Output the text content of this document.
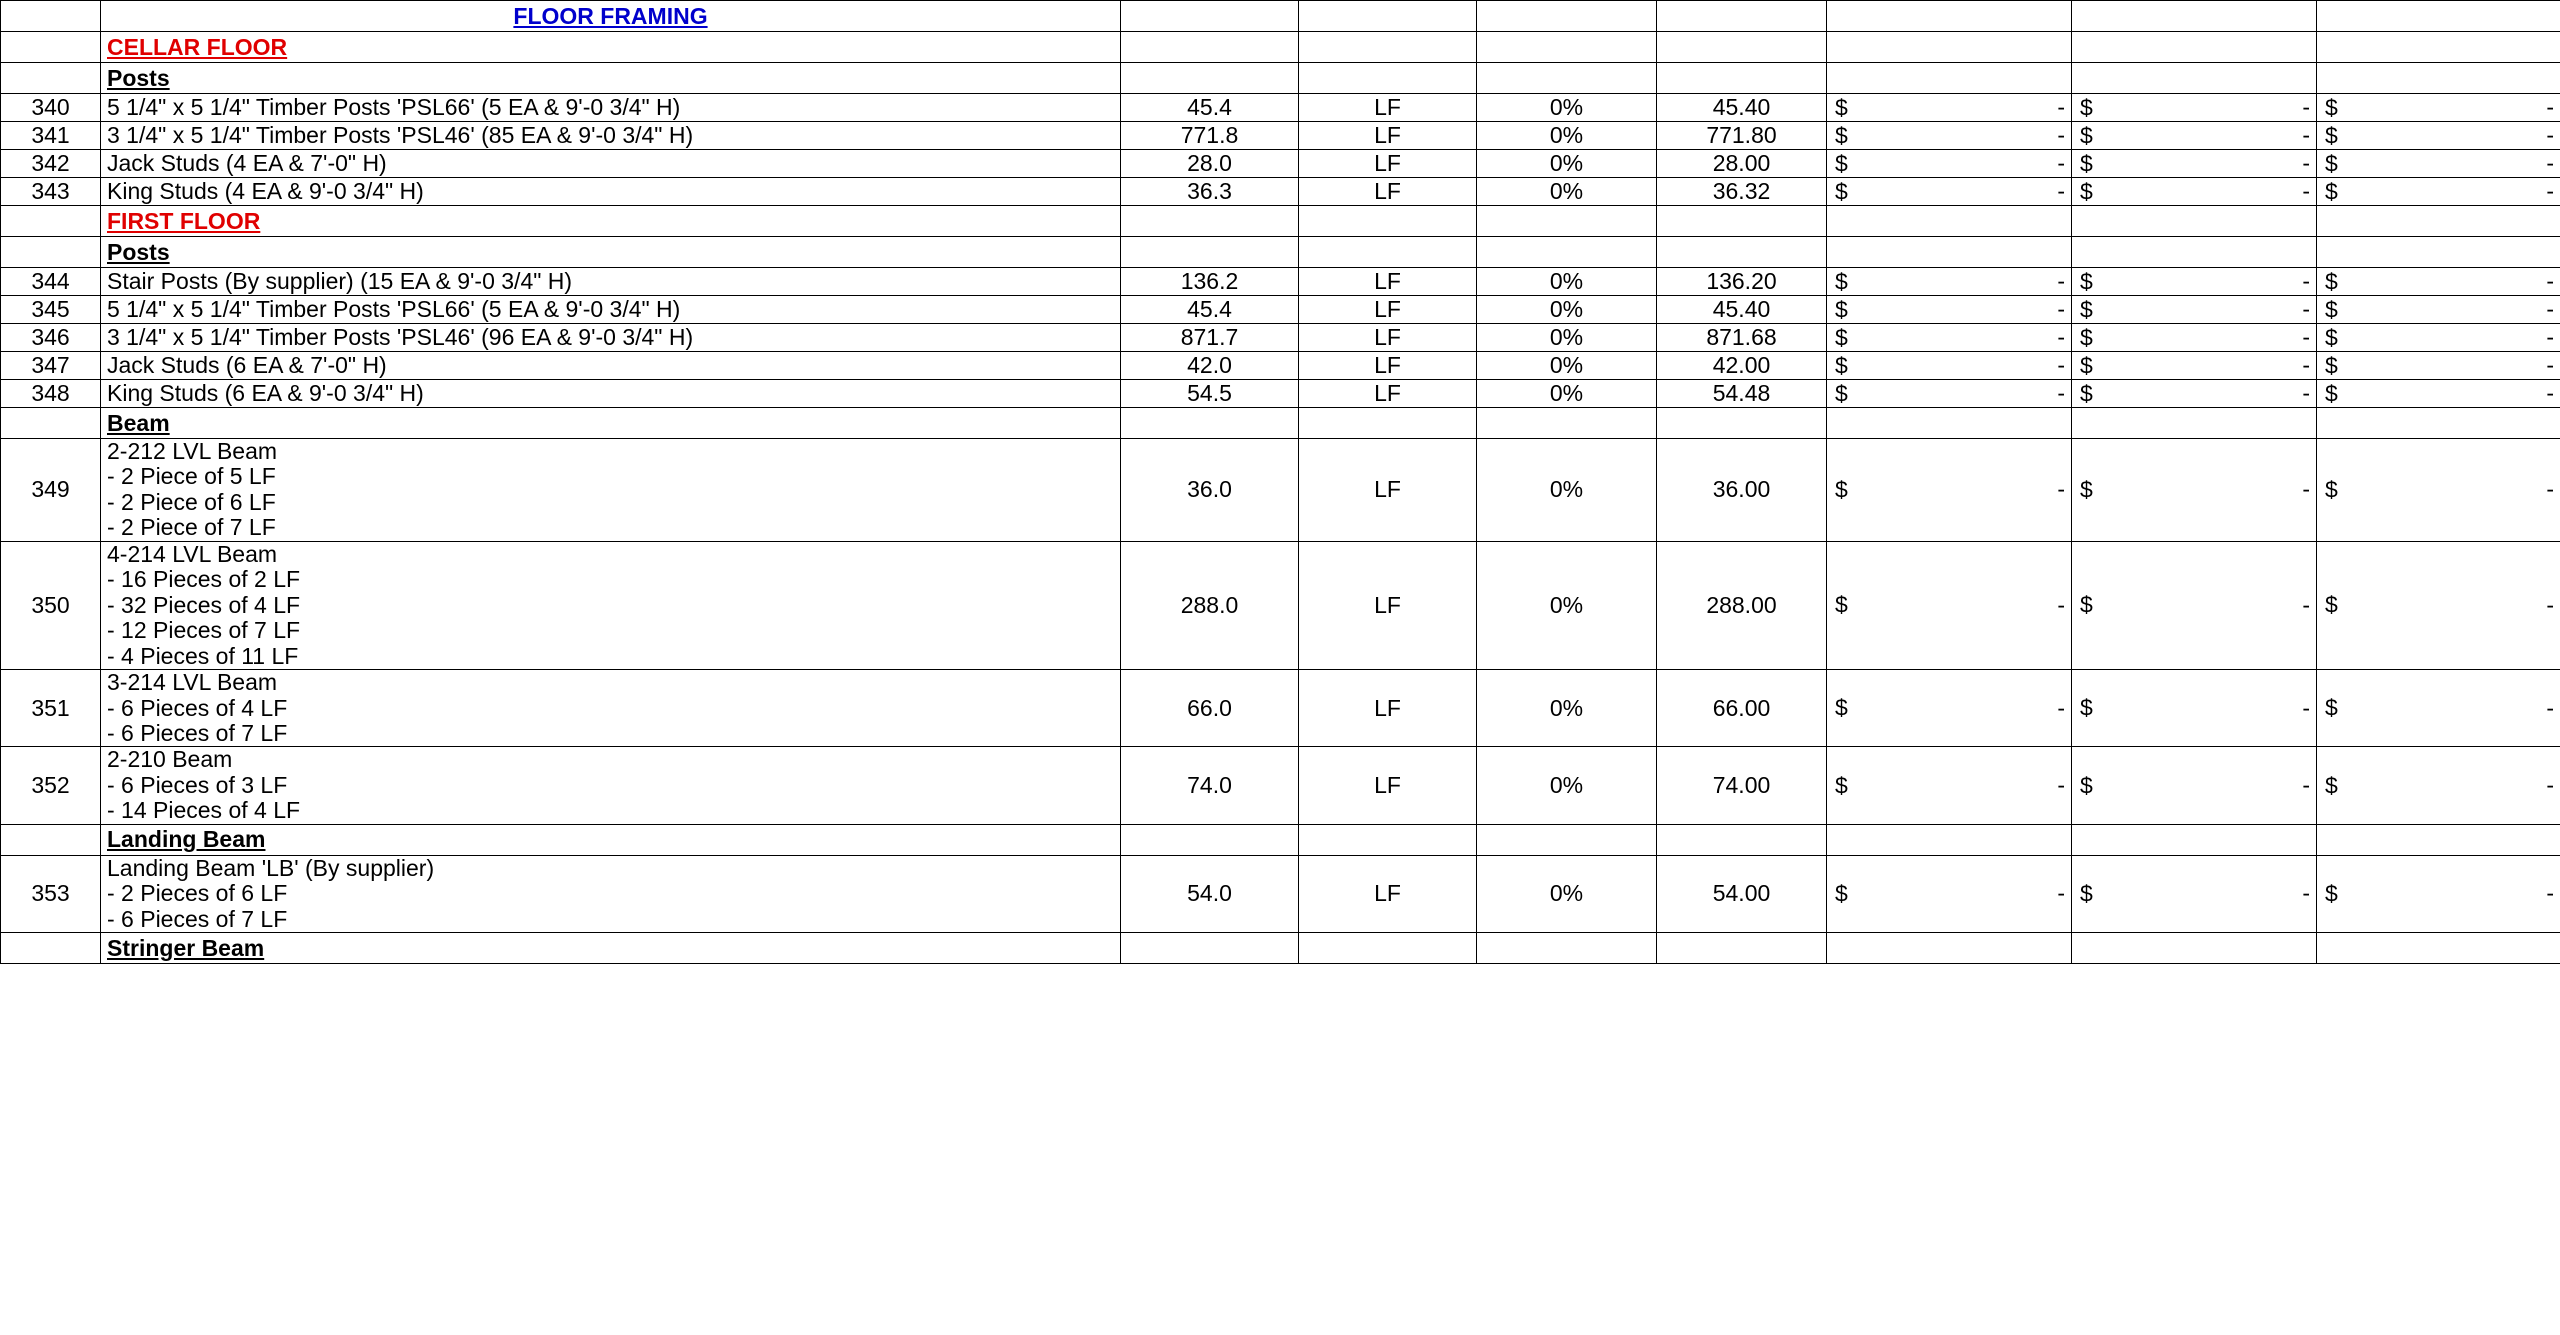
	FLOOR FRAMING							
	CELLAR FLOOR							
	Posts							
340	5 1/4" x 5 1/4" Timber Posts 'PSL66' (5 EA & 9'-0 3/4" H)	45.4	LF	0%	45.40	$ -	$ -	$ -
341	3 1/4" x 5 1/4" Timber Posts 'PSL46' (85 EA & 9'-0 3/4" H)	771.8	LF	0%	771.80	$ -	$ -	$ -
342	Jack Studs (4 EA & 7'-0" H)	28.0	LF	0%	28.00	$ -	$ -	$ -
343	King Studs (4 EA & 9'-0 3/4" H)	36.3	LF	0%	36.32	$ -	$ -	$ -
	FIRST FLOOR							
	Posts							
344	Stair Posts (By supplier) (15 EA & 9'-0 3/4" H)	136.2	LF	0%	136.20	$ -	$ -	$ -
345	5 1/4" x 5 1/4" Timber Posts 'PSL66' (5 EA & 9'-0 3/4" H)	45.4	LF	0%	45.40	$ -	$ -	$ -
346	3 1/4" x 5 1/4" Timber Posts 'PSL46' (96 EA & 9'-0 3/4" H)	871.7	LF	0%	871.68	$ -	$ -	$ -
347	Jack Studs (6 EA & 7'-0" H)	42.0	LF	0%	42.00	$ -	$ -	$ -
348	King Studs (6 EA & 9'-0 3/4" H)	54.5	LF	0%	54.48	$ -	$ -	$ -
	Beam							
349	2-212 LVL Beam
- 2 Piece of 5 LF
- 2 Piece of 6 LF
- 2 Piece of 7 LF	36.0	LF	0%	36.00	$ -	$ -	$ -
350	4-214 LVL Beam
- 16 Pieces of 2 LF
- 32 Pieces of 4 LF
- 12 Pieces of 7 LF
- 4 Pieces of 11 LF	288.0	LF	0%	288.00	$ -	$ -	$ -
351	3-214 LVL Beam
- 6 Pieces of 4 LF
- 6 Pieces of 7 LF	66.0	LF	0%	66.00	$ -	$ -	$ -
352	2-210 Beam
- 6 Pieces of 3 LF
- 14 Pieces of 4 LF	74.0	LF	0%	74.00	$ -	$ -	$ -
	Landing Beam							
353	Landing Beam 'LB' (By supplier)
- 2 Pieces of 6 LF
- 6 Pieces of 7 LF	54.0	LF	0%	54.00	$ -	$ -	$ -
	Stringer Beam							
